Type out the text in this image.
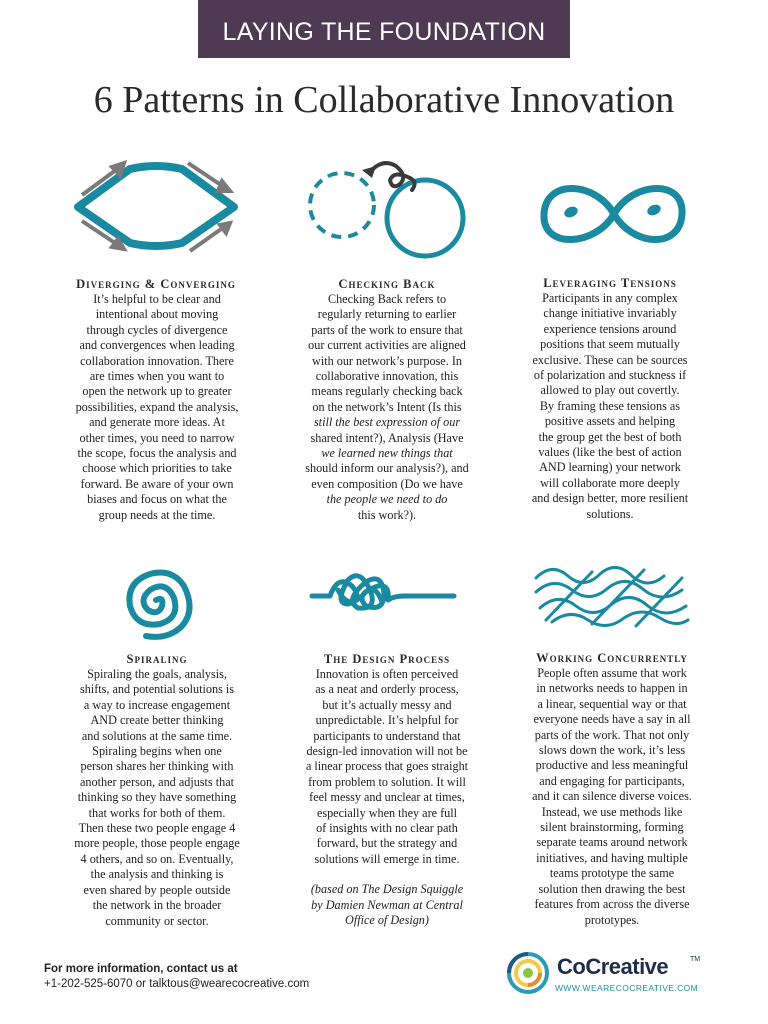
LAYING THE FOUNDATION
6 Patterns in Collaborative Innovation
Diverging & Converging	Checking Back	Leveraging Tensions
Spiraling	The Design Process	Working Concurrently

It’s helpful to be clear and

intentional about moving

through cycles of divergence

and convergences when leading

collaboration innovation. There

are times when you want to

open the network up to greater

possibilities, expand the analysis,

and generate more ideas. At

other times, you need to narrow

the scope, focus the analysis and

choose which priorities to take

forward. Be aware of your own

biases and focus on what the

group needs at the time.

Checking Back refers to

regularly returning to earlier

parts of the work to ensure that

our current activities are aligned

with our network’s purpose. In

collaborative innovation, this

means regularly checking back

on the network’s Intent (Is this

still the best expression of our

shared intent?), Analysis (Have

we learned new things that

should inform our analysis?), and

even composition (Do we have

the people we need to do

this work?).

Participants in any complex

change initiative invariably

experience tensions around

positions that seem mutually

exclusive. These can be sources

of polarization and stuckness if

allowed to play out covertly.

By framing these tensions as

positive assets and helping

the group get the best of both

values (like the best of action

AND learning) your network

will collaborate more deeply

and design better, more resilient

solutions.

Spiraling the goals, analysis,

shifts, and potential solutions is

a way to increase engagement

AND create better thinking

and solutions at the same time.

Spiraling begins when one

person shares her thinking with

another person, and adjusts that

thinking so they have something

that works for both of them.

Then these two people engage 4

more people, those people engage

4 others, and so on. Eventually,

the analysis and thinking is

even shared by people outside

the network in the broader

community or sector.

Innovation is often perceived

as a neat and orderly process,

but it’s actually messy and

unpredictable. It’s helpful for

participants to understand that

design-led innovation will not be

a linear process that goes straight

from problem to solution. It will

feel messy and unclear at times,

especially when they are full

of insights with no clear path

forward, but the strategy and

solutions will emerge in time.

(based on The Design Squiggle

by Damien Newman at Central

Office of Design)

People often assume that work

in networks needs to happen in

a linear, sequential way or that

everyone needs have a say in all

parts of the work. That not only

slows down the work, it’s less

productive and less meaningful

and engaging for participants,

and it can silence diverse voices.

Instead, we use methods like

silent brainstorming, forming

separate teams around network

initiatives, and having multiple

teams prototype the same

solution then drawing the best

features from across the diverse

prototypes.

For more information, contact us at
+1-202-525-6070 or talktous@wearecocreative.com
CoCreative	TM
WWW.WEARECOCREATIVE.COM
